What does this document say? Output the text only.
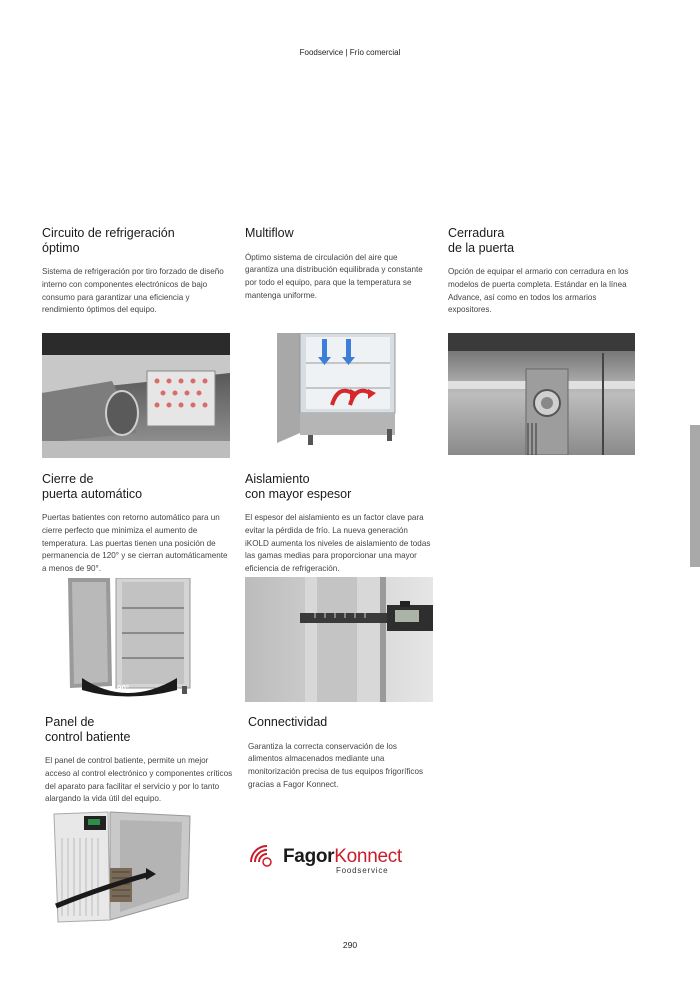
Foodservice | Frío comercial
Circuito de refrigeración
óptimo
Sistema de refrigeración por tiro forzado de diseño interno con componentes electrónicos de bajo consumo para garantizar una eficiencia y rendimiento óptimos del equipo.
Multiflow
Óptimo sistema de circulación del aire que garantiza una distribución equilibrada y constante por todo el equipo, para que la temperatura se mantenga uniforme.
Cerradura
de la puerta
Opción de equipar el armario con cerradura en los modelos de puerta completa. Estándar en la línea Advance, así como en todos los armarios expositores.
Cierre de
puerta automático
Puertas batientes con retorno automático para un cierre perfecto que minimiza el aumento de temperatura. Las puertas tienen una posición de permanencia de 120° y se cierran automáticamente a menos de 90°.
Aislamiento
con mayor espesor
El espesor del aislamiento es un factor clave para evitar la pérdida de frío. La nueva generación iKOLD aumenta los niveles de aislamiento de todas las gamas medias para proporcionar una mayor eficiencia de refrigeración.
Panel de
control batiente
El panel de control batiente, permite un mejor acceso al control electrónico y componentes críticos del aparato para facilitar el servicio y por lo tanto alargando la vida útil del equipo.
Connectividad
Garantiza la correcta conservación de los alimentos almacenados mediante una monitorización precisa de tus equipos frigoríficos gracias a Fagor Konnect.
90°
FagorKonnect
Foodservice
290
